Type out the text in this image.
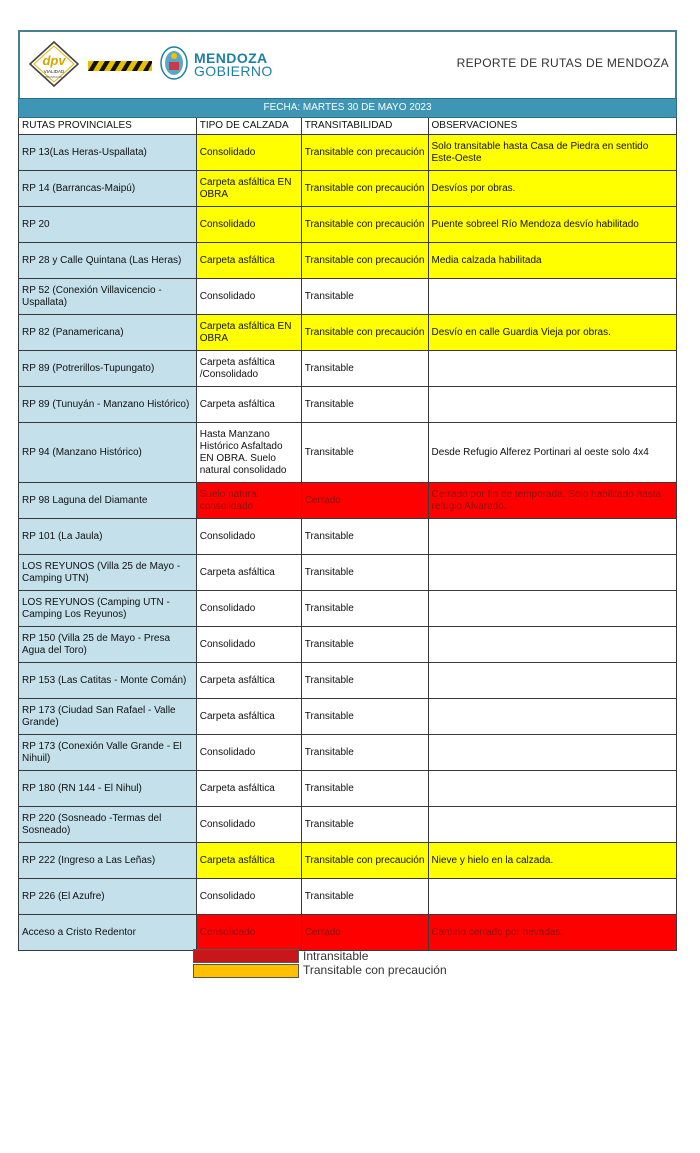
dpv
VIALIDAD
PROVINCIAL
MENDOZA
GOBIERNO	REPORTE DE RUTAS DE MENDOZA
FECHA: MARTES 30 DE MAYO 2023			
RUTAS PROVINCIALES	TIPO DE CALZADA	TRANSITABILIDAD	OBSERVACIONES
RP 13(Las Heras-Uspallata)	Consolidado	Transitable con precaución	Solo transitable hasta Casa de Piedra en sentido Este-Oeste
RP 14 (Barrancas-Maipú)	Carpeta asfáltica EN OBRA	Transitable con precaución	Desvíos por obras.
RP 20	Consolidado	Transitable con precaución	Puente sobreel Río Mendoza desvío habilitado
RP 28 y Calle Quintana (Las Heras)	Carpeta asfáltica	Transitable con precaución	Media calzada habilitada
RP 52 (Conexión Villavicencio - Uspallata)	Consolidado	Transitable	
RP 82 (Panamericana)	Carpeta asfáltica EN OBRA	Transitable con precaución	Desvío en calle Guardia Vieja por obras.
RP 89 (Potrerillos-Tupungato)	Carpeta asfáltica /Consolidado	Transitable	
RP 89 (Tunuyán - Manzano Histórico)	Carpeta asfáltica	Transitable	
RP 94 (Manzano Histórico)	Hasta Manzano Histórico Asfaltado EN OBRA. Suelo natural consolidado	Transitable	Desde Refugio Alferez Portinari al oeste solo 4x4
RP 98 Laguna del Diamante	Suelo natural consolidado	Cerrado	Cerrado por fin de temporada. Solo habilitado hasta refugio Alvarado.
RP 101 (La Jaula)	Consolidado	Transitable	
LOS REYUNOS (Villa 25 de Mayo - Camping UTN)	Carpeta asfáltica	Transitable	
LOS REYUNOS (Camping UTN - Camping Los Reyunos)	Consolidado	Transitable	
RP 150 (Villa 25 de Mayo - Presa Agua del Toro)	Consolidado	Transitable	
RP 153 (Las Catitas - Monte Comán)	Carpeta asfáltica	Transitable	
RP 173 (Ciudad San Rafael - Valle Grande)	Carpeta asfáltica	Transitable	
RP 173 (Conexión Valle Grande - El Nihuil)	Consolidado	Transitable	
RP 180 (RN 144 - El Nihul)	Carpeta asfáltica	Transitable	
RP 220 (Sosneado -Termas del Sosneado)	Consolidado	Transitable	
RP 222 (Ingreso a Las Leñas)	Carpeta asfáltica	Transitable con precaución	Nieve y hielo en la calzada.
RP 226 (El Azufre)	Consolidado	Transitable	
Acceso a Cristo Redentor	Consolidado	Cerrado	Camino cerrado por nevadas.
Intransitable
Transitable con precaución
